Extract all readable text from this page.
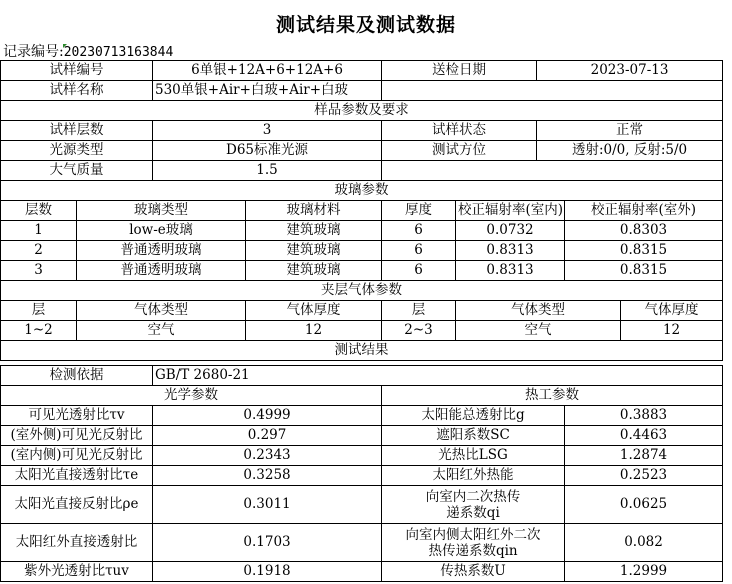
测试结果及测试数据
记录编号:20230713163844
试样编号		6单银+12A+6+12A+6		送检日期		2023-07-13		
试样名称		530单银+Air+白玻+Air+白玻						
样品参数及要求								
试样层数		3		试样状态		正常		
光源类型		D65标准光源		测试方位		透射:0/0, 反射:5/0		
大气质量		1.5						
玻璃参数								
层数	玻璃类型		玻璃材料	厚度	校正辐射率(室内)		校正辐射率(室外)	
1	low-e玻璃		建筑玻璃	6	0.0732		0.8303	
2	普通透明玻璃		建筑玻璃	6	0.8313		0.8315	
3	普通透明玻璃		建筑玻璃	6	0.8313		0.8315	
夹层气体参数								
层	气体类型		气体厚度	层	气体类型			气体厚度
1~2	空气		12	2~3	空气			12
测试结果								

检测依据		GB/T 2680-21						
光学参数				热工参数				
可见光透射比τv		0.4999		太阳能总透射比g			0.3883	
(室外侧)可见光反射比		0.297		遮阳系数SC			0.4463	
(室内侧)可见光反射比		0.2343		光热比LSG			1.2874	
太阳光直接透射比τe		0.3258		太阳红外热能			0.2523	
太阳光直接反射比ρe		0.3011		向室内二次热传递系数qi			0.0625	
太阳红外直接透射比		0.1703		向室内侧太阳红外二次热传递系数qin			0.082	
紫外光透射比τuv		0.1918		传热系数U			1.2999	
